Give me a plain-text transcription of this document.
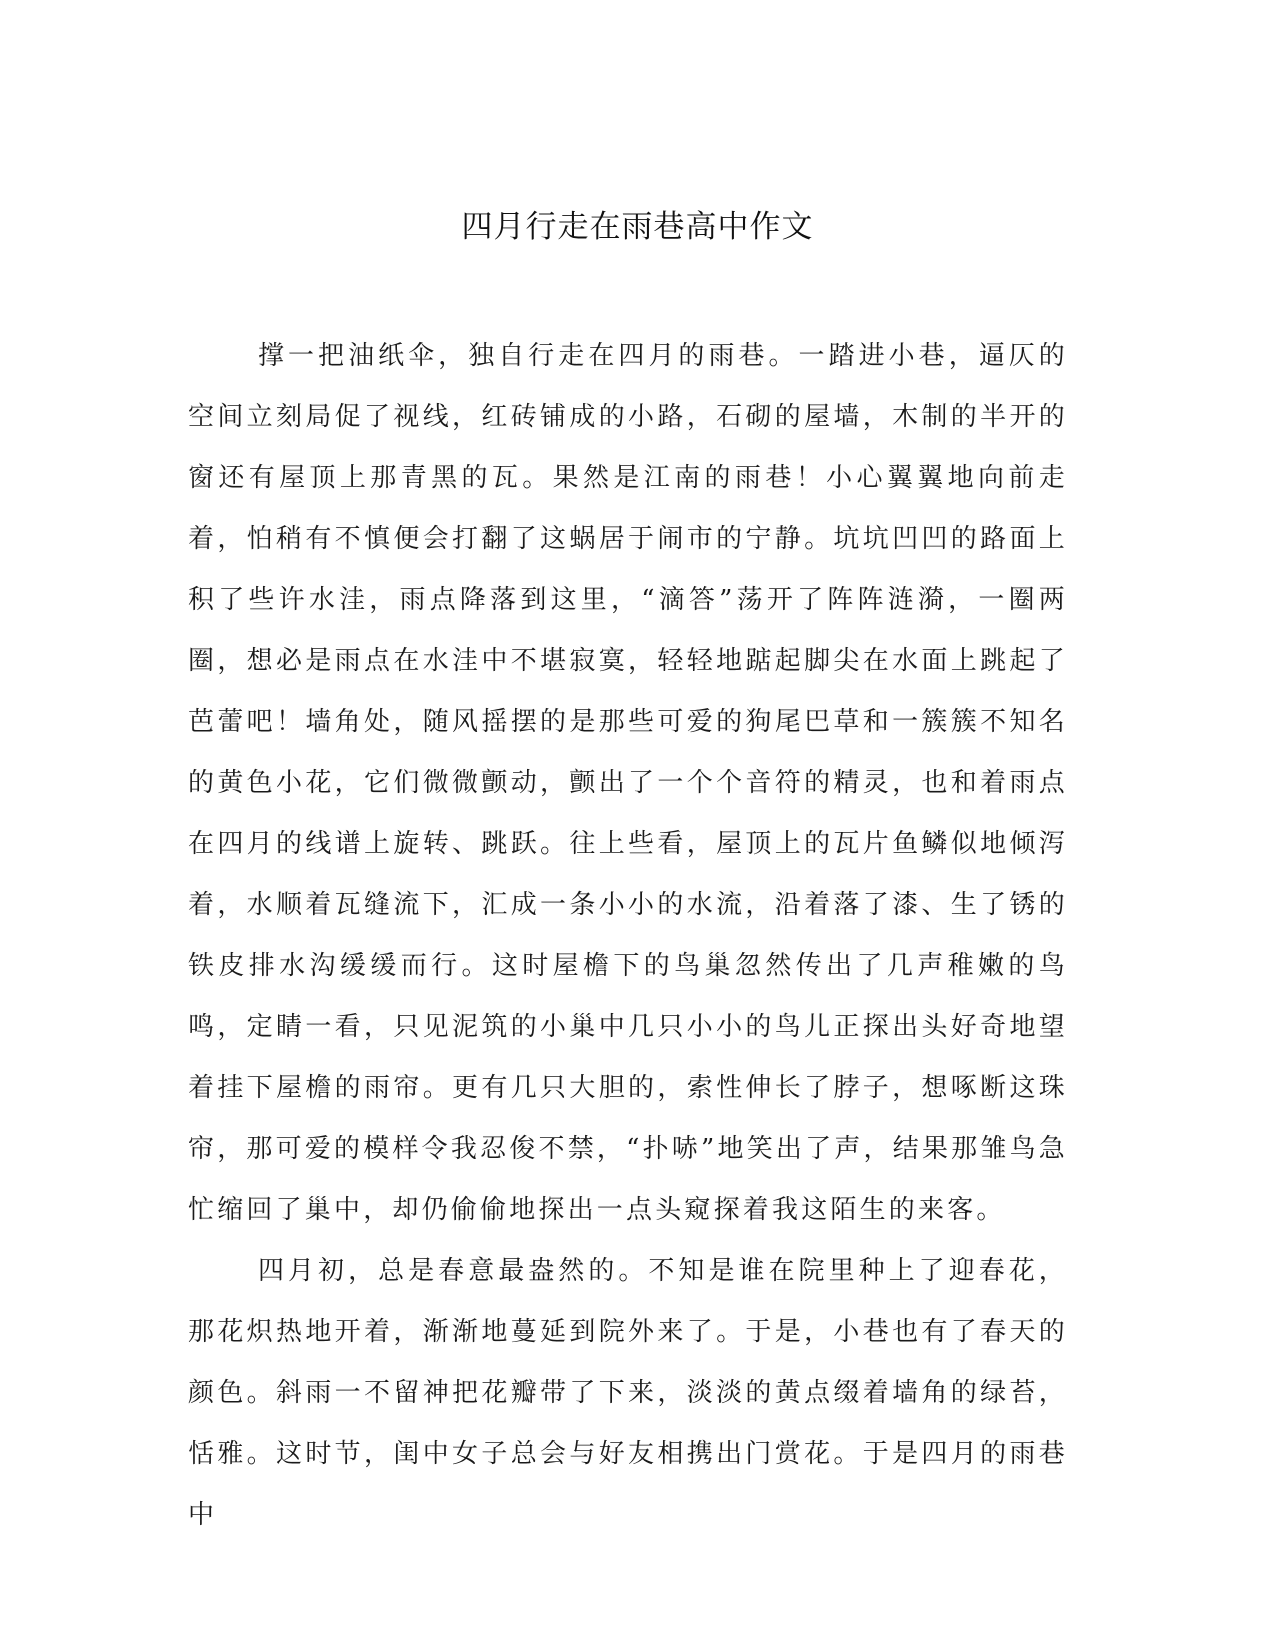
四月行走在雨巷高中作文

撑一把油纸伞，独自行走在四月的雨巷。一踏进小巷，逼仄的空间立刻局促了视线，红砖铺成的小路，石砌的屋墙，木制的半开的窗还有屋顶上那青黑的瓦。果然是江南的雨巷！小心翼翼地向前走着，怕稍有不慎便会打翻了这蜗居于闹市的宁静。坑坑凹凹的路面上积了些许水洼，雨点降落到这里，“滴答”荡开了阵阵涟漪，一圈两圈，想必是雨点在水洼中不堪寂寞，轻轻地踮起脚尖在水面上跳起了芭蕾吧！墙角处，随风摇摆的是那些可爱的狗尾巴草和一簇簇不知名的黄色小花，它们微微颤动，颤出了一个个音符的精灵，也和着雨点在四月的线谱上旋转、跳跃。往上些看，屋顶上的瓦片鱼鳞似地倾泻着，水顺着瓦缝流下，汇成一条小小的水流，沿着落了漆、生了锈的铁皮排水沟缓缓而行。这时屋檐下的鸟巢忽然传出了几声稚嫩的鸟鸣，定睛一看，只见泥筑的小巢中几只小小的鸟儿正探出头好奇地望着挂下屋檐的雨帘。更有几只大胆的，索性伸长了脖子，想啄断这珠帘，那可爱的模样令我忍俊不禁，“扑哧”地笑出了声，结果那雏鸟急忙缩回了巢中，却仍偷偷地探出一点头窥探着我这陌生的来客。

四月初，总是春意最盎然的。不知是谁在院里种上了迎春花，那花炽热地开着，渐渐地蔓延到院外来了。于是，小巷也有了春天的颜色。斜雨一不留神把花瓣带了下来，淡淡的黄点缀着墙角的绿苔，恬雅。这时节，闺中女子总会与好友相携出门赏花。于是四月的雨巷中
